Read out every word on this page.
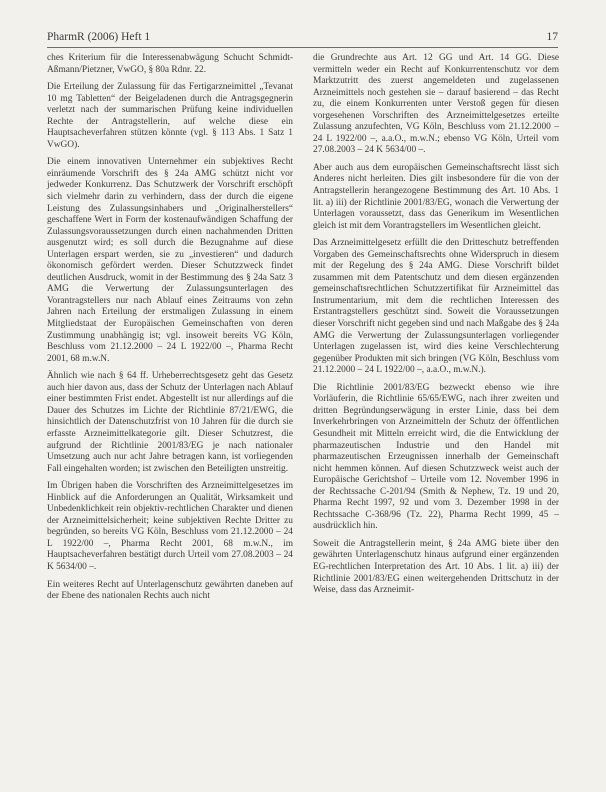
PharmR (2006) Heft 1	17

ches Kriterium für die Interessenabwägung Schucht Schmidt-Aßmann/Pietzner, VwGO, § 80a Rdnr. 22.

Die Erteilung der Zulassung für das Fertigarzneimittel „Tevanat 10 mg Tabletten“ der Beigeladenen durch die Antragsgegnerin verletzt nach der summarischen Prüfung keine individuellen Rechte der Antragstellerin, auf welche diese ein Hauptsacheverfahren stützen könnte (vgl. § 113 Abs. 1 Satz 1 VwGO).

Die einem innovativen Unternehmer ein subjektives Recht einräumende Vorschrift des § 24a AMG schützt nicht vor jedweder Konkurrenz. Das Schutzwerk der Vorschrift erschöpft sich vielmehr darin zu verhindern, dass der durch die eigene Leistung des Zulassungsinhabers und „Originalherstellers“ geschaffene Wert in Form der kostenaufwändigen Schaffung der Zulassungsvoraussetzungen durch einen nachahmenden Dritten ausgenutzt wird; es soll durch die Bezugnahme auf diese Unterlagen erspart werden, sie zu „investieren“ und dadurch ökonomisch gefördert werden. Dieser Schutzzweck findet deutlichen Ausdruck, womit in der Bestimmung des § 24a Satz 3 AMG die Verwertung der Zulassungsunterlagen des Vorantragstellers nur nach Ablauf eines Zeitraums von zehn Jahren nach Erteilung der erstmaligen Zulassung in einem Mitgliedstaat der Europäischen Gemeinschaften von deren Zustimmung unabhängig ist; vgl. insoweit bereits VG Köln, Beschluss vom 21.12.2000 – 24 L 1922/00 –, Pharma Recht 2001, 68 m.w.N.

Ähnlich wie nach § 64 ff. Urheberrechtsgesetz geht das Gesetz auch hier davon aus, dass der Schutz der Unterlagen nach Ablauf einer bestimmten Frist endet. Abgestellt ist nur allerdings auf die Dauer des Schutzes im Lichte der Richtlinie 87/21/EWG, die hinsichtlich der Datenschutzfrist von 10 Jahren für die durch sie erfasste Arzneimittelkategorie gilt. Dieser Schutzrest, die aufgrund der Richtlinie 2001/83/EG je nach nationaler Umsetzung auch nur acht Jahre betragen kann, ist vorliegenden Fall eingehalten worden; ist zwischen den Beteiligten unstreitig.

Im Übrigen haben die Vorschriften des Arzneimittelgesetzes im Hinblick auf die Anforderungen an Qualität, Wirksamkeit und Unbedenklichkeit rein objektiv-rechtlichen Charakter und dienen der Arzneimittelsicherheit; keine subjektiven Rechte Dritter zu begründen, so bereits VG Köln, Beschluss vom 21.12.2000 – 24 L 1922/00 –, Pharma Recht 2001, 68 m.w.N., im Hauptsacheverfahren bestätigt durch Urteil vom 27.08.2003 – 24 K 5634/00 –.

Ein weiteres Recht auf Unterlagenschutz gewährten daneben auf der Ebene des nationalen Rechts auch nicht

die Grundrechte aus Art. 12 GG und Art. 14 GG. Diese vermitteln weder ein Recht auf Konkurrentenschutz vor dem Marktzutritt des zuerst angemeldeten und zugelassenen Arzneimittels noch gestehen sie – darauf basierend – das Recht zu, die einem Konkurrenten unter Verstoß gegen für diesen vorgesehenen Vorschriften des Arzneimittelgesetzes erteilte Zulassung anzufechten, VG Köln, Beschluss vom 21.12.2000 – 24 L 1922/00 –, a.a.O., m.w.N.; ebenso VG Köln, Urteil vom 27.08.2003 – 24 K 5634/00 –.

Aber auch aus dem europäischen Gemeinschaftsrecht lässt sich Anderes nicht herleiten. Dies gilt insbesondere für die von der Antragstellerin herangezogene Bestimmung des Art. 10 Abs. 1 lit. a) iii) der Richtlinie 2001/83/EG, wonach die Verwertung der Unterlagen voraussetzt, dass das Generikum im Wesentlichen gleich ist mit dem Vorantragstellers im Wesentlichen gleicht.

Das Arzneimittelgesetz erfüllt die den Dritteschutz betreffenden Vorgaben des Gemeinschaftsrechts ohne Widerspruch in diesem mit der Regelung des § 24a AMG. Diese Vorschrift bildet zusammen mit dem Patentschutz und dem diesen ergänzenden gemeinschaftsrechtlichen Schutzzertifikat für Arzneimittel das Instrumentarium, mit dem die rechtlichen Interessen des Erstantragstellers geschützt sind. Soweit die Voraussetzungen dieser Vorschrift nicht gegeben sind und nach Maßgabe des § 24a AMG die Verwertung der Zulassungsunterlagen vorliegender Unterlagen zugelassen ist, wird dies keine Verschlechterung gegenüber Produkten mit sich bringen (VG Köln, Beschluss vom 21.12.2000 – 24 L 1922/00 –, a.a.O., m.w.N.).

Die Richtlinie 2001/83/EG bezweckt ebenso wie ihre Vorläuferin, die Richtlinie 65/65/EWG, nach ihrer zweiten und dritten Begründungserwägung in erster Linie, dass bei dem Inverkehrbringen von Arzneimitteln der Schutz der öffentlichen Gesundheit mit Mitteln erreicht wird, die die Entwicklung der pharmazeutischen Industrie und den Handel mit pharmazeutischen Erzeugnissen innerhalb der Gemeinschaft nicht hemmen können. Auf diesen Schutzzweck weist auch der Europäische Gerichtshof – Urteile vom 12. November 1996 in der Rechtssache C-201/94 (Smith & Nephew, Tz. 19 und 20, Pharma Recht 1997, 92 und vom 3. Dezember 1998 in der Rechtssache C-368/96 (Tz. 22), Pharma Recht 1999, 45 – ausdrücklich hin.

Soweit die Antragstellerin meint, § 24a AMG biete über den gewährten Unterlagenschutz hinaus aufgrund einer ergänzenden EG-rechtlichen Interpretation des Art. 10 Abs. 1 lit. a) iii) der Richtlinie 2001/83/EG einen weitergehenden Drittschutz in der Weise, dass das Arzneimit-
